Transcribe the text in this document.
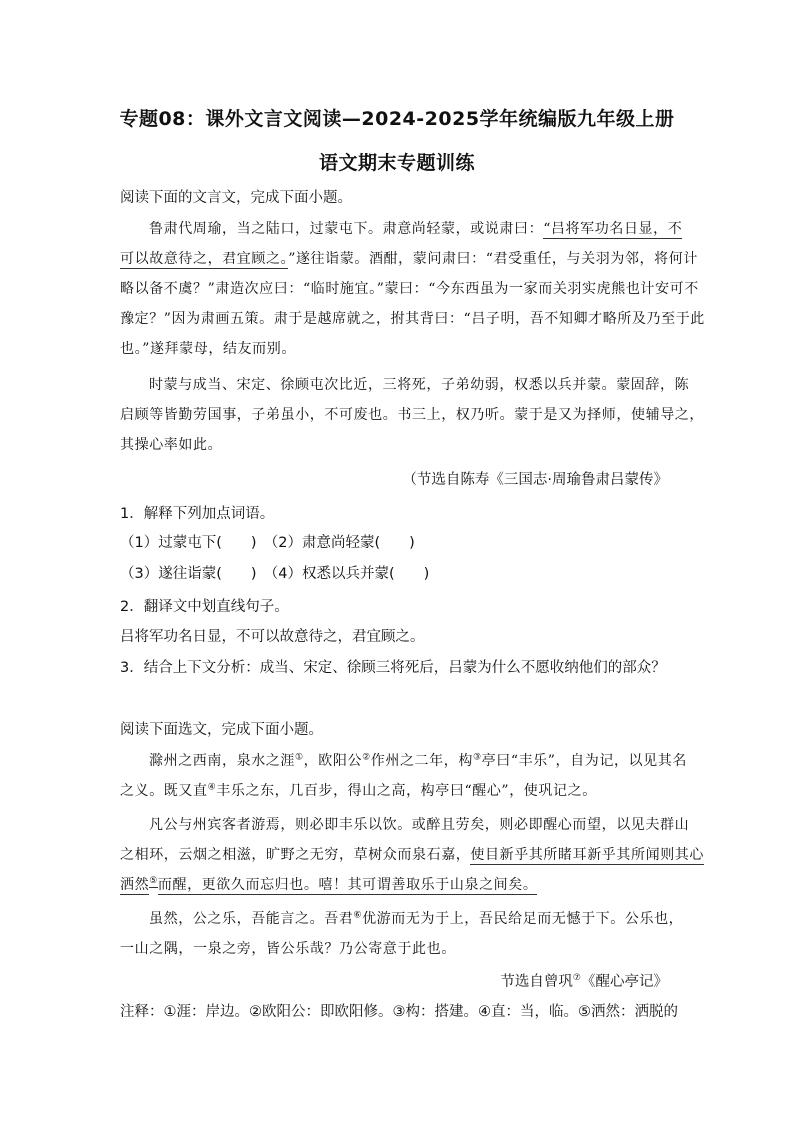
专题08：课外文言文阅读—2024-2025学年统编版九年级上册
语文期末专题训练
阅读下面的文言文，完成下面小题。
鲁肃代周瑜，当之陆口，过蒙屯下。肃意尚轻蒙，或说肃曰：“吕将军功名日显，不
可以故意待之，君宜顾之。”遂往诣蒙。酒酣，蒙问肃曰：“君受重任，与关羽为邻，将何计
略以备不虞？”肃造次应曰：“临时施宜。”蒙曰：“今东西虽为一家而关羽实虎熊也计安可不
豫定？”因为肃画五策。肃于是越席就之，拊其背曰：“吕子明，吾不知卿才略所及乃至于此
也。”遂拜蒙母，结友而别。
时蒙与成当、宋定、徐顾屯次比近，三将死，子弟幼弱，权悉以兵并蒙。蒙固辞，陈
启顾等皆勤劳国事，子弟虽小，不可废也。书三上，权乃听。蒙于是又为择师，使辅导之，
其操心率如此。
（节选自陈寿《三国志·周瑜鲁肃吕蒙传》
1．解释下列加点词语。
（1）过蒙屯下(　　)　（2）肃意尚轻蒙(　　)
（3）遂往诣蒙(　　)　（4）权悉以兵并蒙(　　)
2．翻译文中划直线句子。
吕将军功名日显，不可以故意待之，君宜顾之。
3．结合上下文分析：成当、宋定、徐顾三将死后，吕蒙为什么不愿收纳他们的部众？
阅读下面选文，完成下面小题。
滁州之西南，泉水之涯①，欧阳公②作州之二年，构③亭曰“丰乐”，自为记，以见其名
之义。既又直④丰乐之东，几百步，得山之高，构亭曰“醒心”，使巩记之。
凡公与州宾客者游焉，则必即丰乐以饮。或醉且劳矣，则必即醒心而望，以见夫群山
之相环，云烟之相滋，旷野之无穷，草树众而泉石嘉，使目新乎其所睹耳新乎其所闻则其心
洒然⑤而醒，更欲久而忘归也。嘻！其可谓善取乐于山泉之间矣。
虽然，公之乐，吾能言之。吾君⑥优游而无为于上，吾民给足而无憾于下。公乐也，
一山之隅，一泉之旁，皆公乐哉？乃公寄意于此也。
节选自曾巩⑦《醒心亭记》
注释：①涯：岸边。②欧阳公：即欧阳修。③构：搭建。④直：当，临。⑤洒然：洒脱的
